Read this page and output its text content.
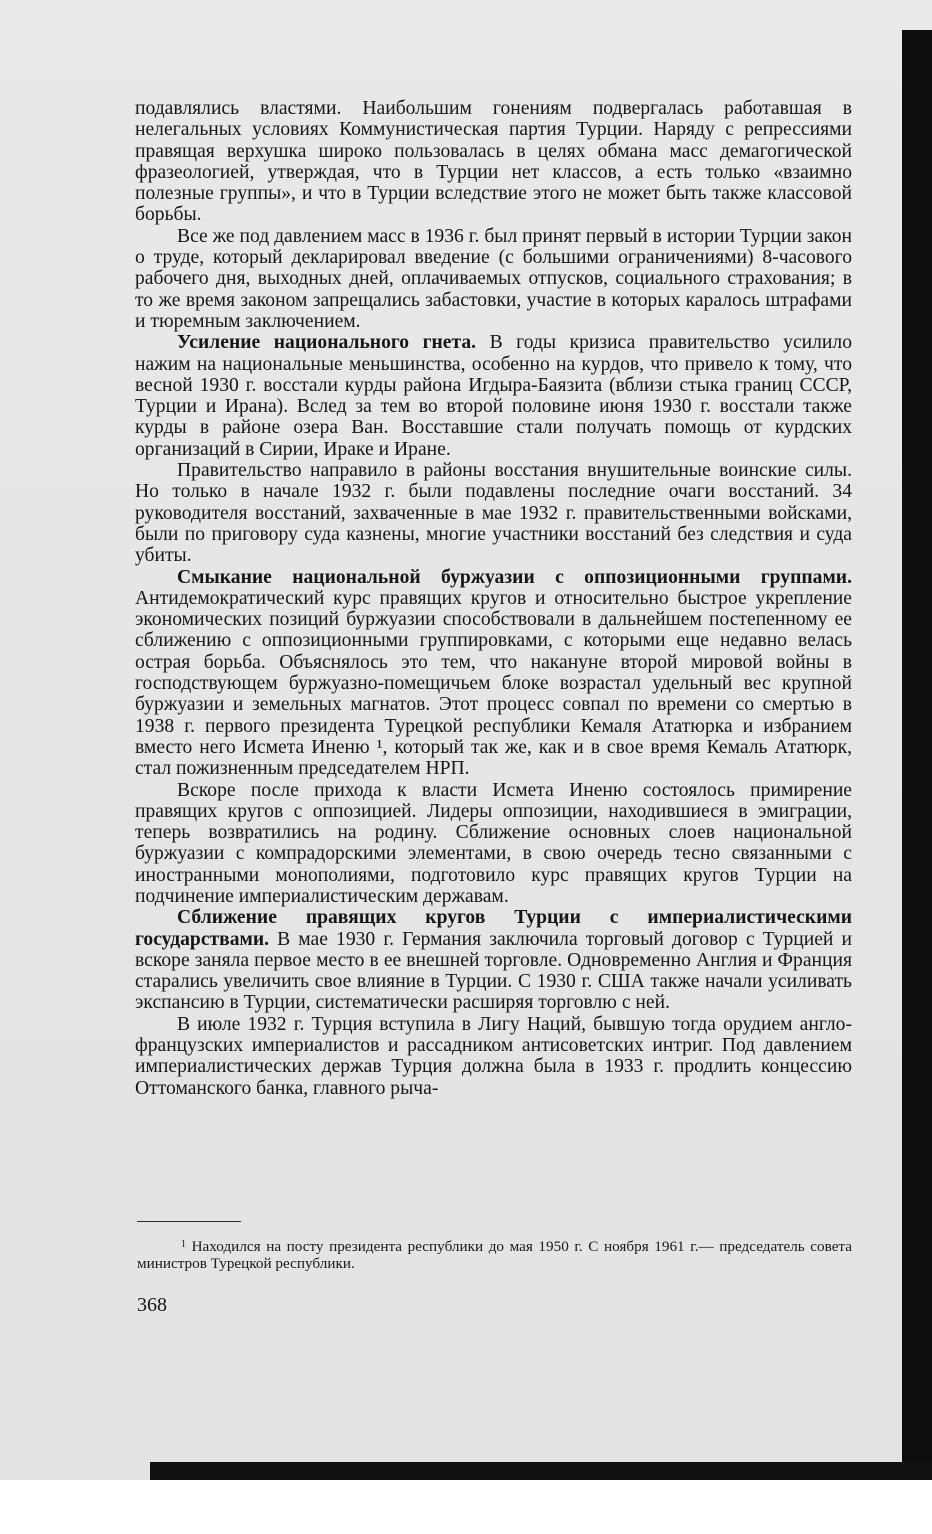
подавлялись властями. Наибольшим гонениям подвергалась работавшая в нелегальных условиях Коммунистическая партия Турции. Наряду с репрессиями правящая верхушка широко пользовалась в целях обмана масс демагогической фразеологией, утверждая, что в Турции нет классов, а есть только «взаимно полезные группы», и что в Турции вследствие этого не может быть также классовой борьбы.

Все же под давлением масс в 1936 г. был принят первый в истории Турции закон о труде, который декларировал введение (с большими ограничениями) 8-часового рабочего дня, выходных дней, оплачиваемых отпусков, социального страхования; в то же время законом запрещались забастовки, участие в которых каралось штрафами и тюремным заключением.

Усиление национального гнета. В годы кризиса правительство усилило нажим на национальные меньшинства, особенно на курдов, что привело к тому, что весной 1930 г. восстали курды района Игдыра-Баязита (вблизи стыка границ СССР, Турции и Ирана). Вслед за тем во второй половине июня 1930 г. восстали также курды в районе озера Ван. Восставшие стали получать помощь от курдских организаций в Сирии, Ираке и Иране.

Правительство направило в районы восстания внушительные воинские силы. Но только в начале 1932 г. были подавлены последние очаги восстаний. 34 руководителя восстаний, захваченные в мае 1932 г. правительственными войсками, были по приговору суда казнены, многие участники восстаний без следствия и суда убиты.

Смыкание национальной буржуазии с оппозиционными группами. Антидемократический курс правящих кругов и относительно быстрое укрепление экономических позиций буржуазии способствовали в дальнейшем постепенному ее сближению с оппозиционными группировками, с которыми еще недавно велась острая борьба. Объяснялось это тем, что накануне второй мировой войны в господствующем буржуазно-помещичьем блоке возрастал удельный вес крупной буржуазии и земельных магнатов. Этот процесс совпал по времени со смертью в 1938 г. первого президента Турецкой республики Кемаля Ататюрка и избранием вместо него Исмета Иненю ¹, который так же, как и в свое время Кемаль Ататюрк, стал пожизненным председателем НРП.

Вскоре после прихода к власти Исмета Иненю состоялось примирение правящих кругов с оппозицией. Лидеры оппозиции, находившиеся в эмиграции, теперь возвратились на родину. Сближение основных слоев национальной буржуазии с компрадорскими элементами, в свою очередь тесно связанными с иностранными монополиями, подготовило курс правящих кругов Турции на подчинение империалистическим державам.

Сближение правящих кругов Турции с империалистическими государствами. В мае 1930 г. Германия заключила торговый договор с Турцией и вскоре заняла первое место в ее внешней торговле. Одновременно Англия и Франция старались увеличить свое влияние в Турции. С 1930 г. США также начали усиливать экспансию в Турции, систематически расширяя торговлю с ней.

В июле 1932 г. Турция вступила в Лигу Наций, бывшую тогда орудием англо-французских империалистов и рассадником антисоветских интриг. Под давлением империалистических держав Турция должна была в 1933 г. продлить концессию Оттоманского банка, главного рыча-

$^1$ Находился на посту президента республики до мая 1950 г. С ноября 1961 г.— председатель совета министров Турецкой республики.
368
